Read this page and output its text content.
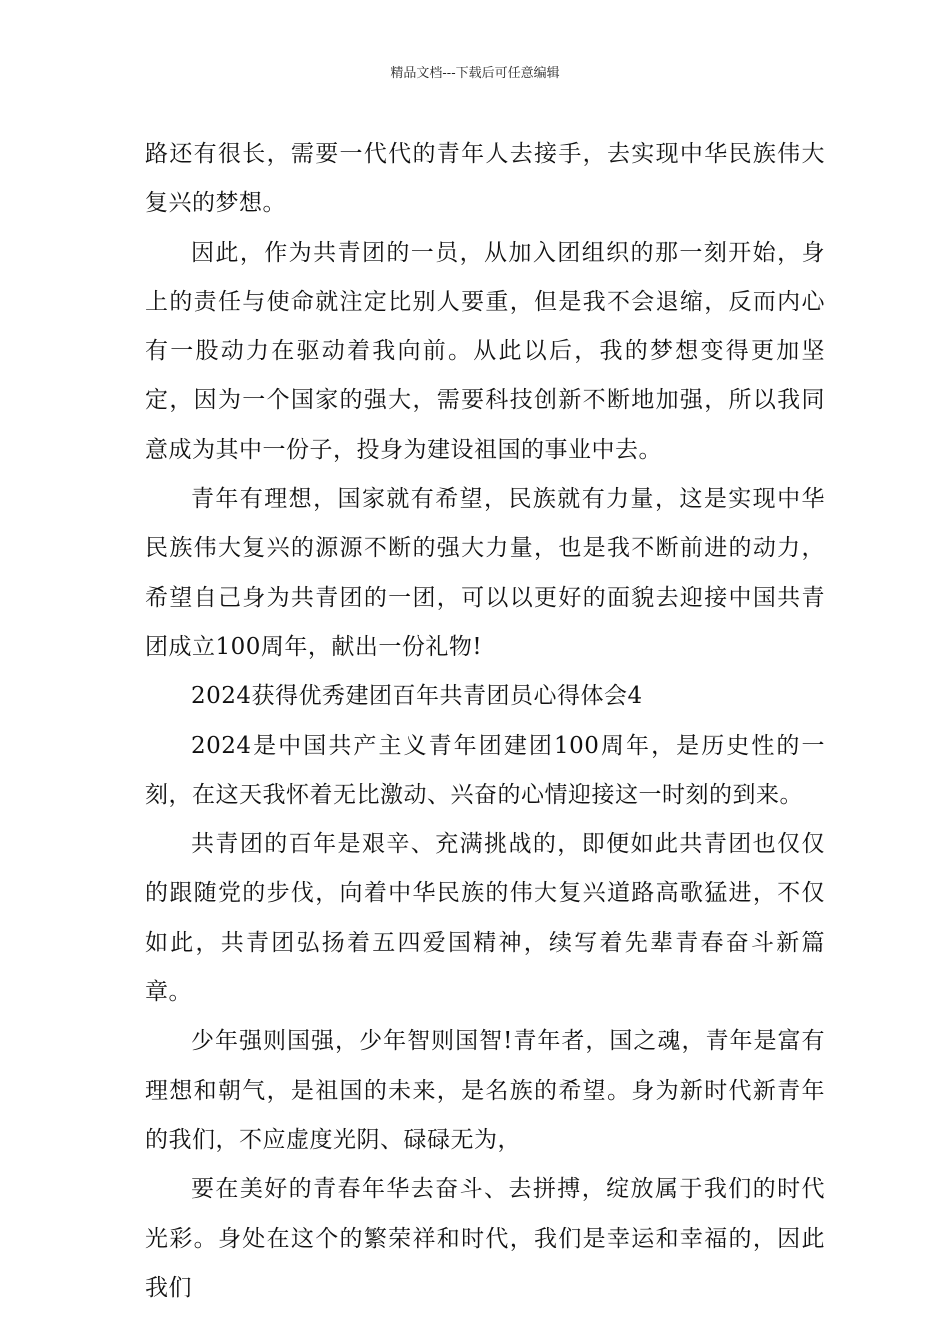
精品文档---下载后可任意编辑

路还有很长，需要一代代的青年人去接手，去实现中华民族伟大复兴的梦想。

因此，作为共青团的一员，从加入团组织的那一刻开始，身上的责任与使命就注定比别人要重，但是我不会退缩，反而内心有一股动力在驱动着我向前。从此以后，我的梦想变得更加坚定，因为一个国家的强大，需要科技创新不断地加强，所以我同意成为其中一份子，投身为建设祖国的事业中去。

青年有理想，国家就有希望，民族就有力量，这是实现中华民族伟大复兴的源源不断的强大力量，也是我不断前进的动力，希望自己身为共青团的一团，可以以更好的面貌去迎接中国共青团成立100周年，献出一份礼物!

2024获得优秀建团百年共青团员心得体会4

2024是中国共产主义青年团建团100周年，是历史性的一刻，在这天我怀着无比激动、兴奋的心情迎接这一时刻的到来。

共青团的百年是艰辛、充满挑战的，即便如此共青团也仅仅的跟随党的步伐，向着中华民族的伟大复兴道路高歌猛进，不仅如此，共青团弘扬着五四爱国精神，续写着先辈青春奋斗新篇章。

少年强则国强，少年智则国智!青年者，国之魂，青年是富有理想和朝气，是祖国的未来，是名族的希望。身为新时代新青年的我们，不应虚度光阴、碌碌无为，

要在美好的青春年华去奋斗、去拼搏，绽放属于我们的时代光彩。身处在这个的繁荣祥和时代，我们是幸运和幸福的，因此我们
